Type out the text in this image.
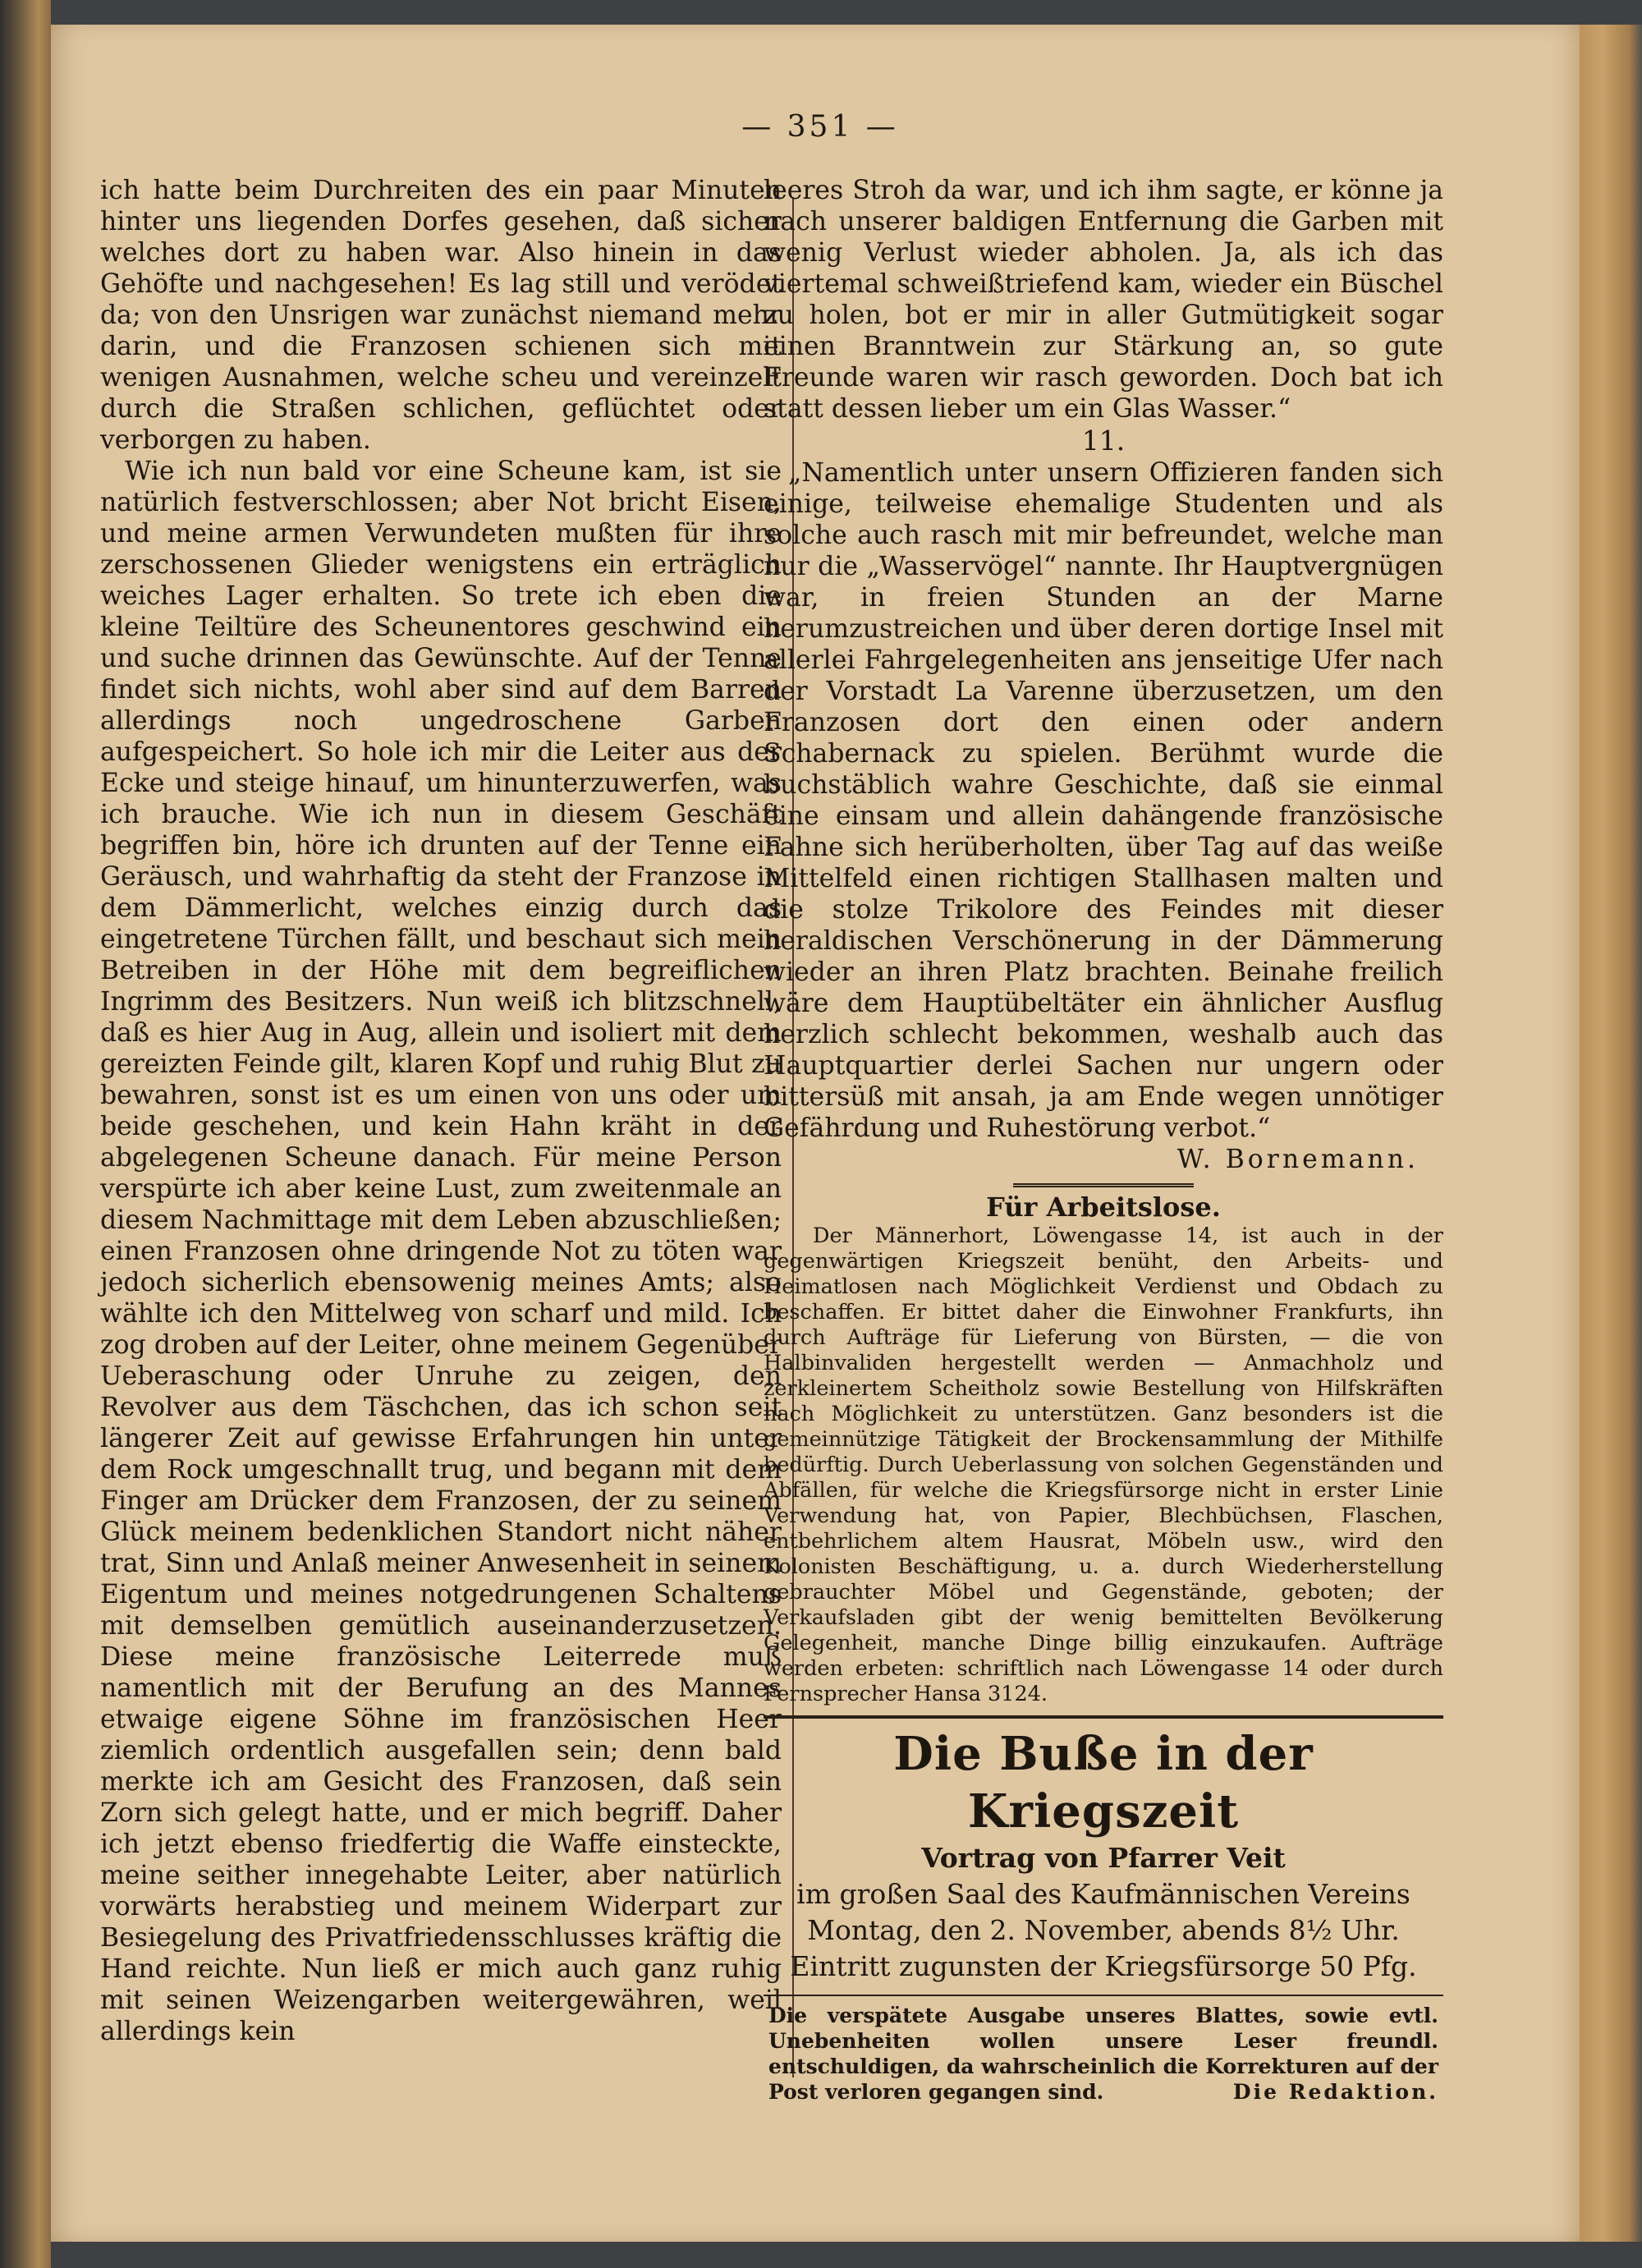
— 351 —

ich hatte beim Durchreiten des ein paar Minuten hinter uns liegenden Dorfes gesehen, daß sicher welches dort zu haben war. Also hinein in das Gehöfte und nachgesehen! Es lag still und verödet da; von den Unsrigen war zunächst niemand mehr darin, und die Franzosen schienen sich mit wenigen Ausnahmen, welche scheu und vereinzelt durch die Straßen schlichen, geflüchtet oder verborgen zu haben.

Wie ich nun bald vor eine Scheune kam, ist sie natürlich festverschlossen; aber Not bricht Eisen, und meine armen Verwundeten mußten für ihre zerschossenen Glieder wenigstens ein erträglich weiches Lager erhalten. So trete ich eben die kleine Teiltüre des Scheunentores geschwind ein und suche drinnen das Gewünschte. Auf der Tenne findet sich nichts, wohl aber sind auf dem Barren allerdings noch ungedroschene Garben aufgespeichert. So hole ich mir die Leiter aus der Ecke und steige hinauf, um hinunterzuwerfen, was ich brauche. Wie ich nun in diesem Geschäft begriffen bin, höre ich drunten auf der Tenne ein Geräusch, und wahrhaftig da steht der Franzose in dem Dämmerlicht, welches einzig durch das eingetretene Türchen fällt, und beschaut sich mein Betreiben in der Höhe mit dem begreiflichen Ingrimm des Besitzers. Nun weiß ich blitzschnell, daß es hier Aug in Aug, allein und isoliert mit dem gereizten Feinde gilt, klaren Kopf und ruhig Blut zu bewahren, sonst ist es um einen von uns oder um beide geschehen, und kein Hahn kräht in der abgelegenen Scheune danach. Für meine Person verspürte ich aber keine Lust, zum zweitenmale an diesem Nachmittage mit dem Leben abzuschließen; einen Franzosen ohne dringende Not zu töten war jedoch sicherlich ebensowenig meines Amts; also wählte ich den Mittelweg von scharf und mild. Ich zog droben auf der Leiter, ohne meinem Gegenüber Ueberaschung oder Unruhe zu zeigen, den Revolver aus dem Täschchen, das ich schon seit längerer Zeit auf gewisse Erfahrungen hin unter dem Rock umgeschnallt trug, und begann mit dem Finger am Drücker dem Franzosen, der zu seinem Glück meinem bedenklichen Standort nicht näher trat, Sinn und Anlaß meiner Anwesenheit in seinem Eigentum und meines notgedrungenen Schaltens mit demselben gemütlich auseinanderzusetzen. Diese meine französische Leiterrede muß namentlich mit der Berufung an des Mannes etwaige eigene Söhne im französischen Heer ziemlich ordentlich ausgefallen sein; denn bald merkte ich am Gesicht des Franzosen, daß sein Zorn sich gelegt hatte, und er mich begriff. Daher ich jetzt ebenso friedfertig die Waffe einsteckte, meine seither innegehabte Leiter, aber natürlich vorwärts herabstieg und meinem Widerpart zur Besiegelung des Privatfriedensschlusses kräftig die Hand reichte. Nun ließ er mich auch ganz ruhig mit seinen Weizengarben weitergewähren, weil allerdings kein

leeres Stroh da war, und ich ihm sagte, er könne ja nach unserer baldigen Entfernung die Garben mit wenig Verlust wieder abholen. Ja, als ich das viertemal schweißtriefend kam, wieder ein Büschel zu holen, bot er mir in aller Gutmütigkeit sogar einen Branntwein zur Stärkung an, so gute Freunde waren wir rasch geworden. Doch bat ich statt dessen lieber um ein Glas Wasser.“

11.

„Namentlich unter unsern Offizieren fanden sich einige, teilweise ehemalige Studenten und als solche auch rasch mit mir befreundet, welche man nur die „Wasservögel“ nannte. Ihr Hauptvergnügen war, in freien Stunden an der Marne herumzustreichen und über deren dortige Insel mit allerlei Fahrgelegenheiten ans jenseitige Ufer nach der Vorstadt La Varenne überzusetzen, um den Franzosen dort den einen oder andern Schabernack zu spielen. Berühmt wurde die buchstäblich wahre Geschichte, daß sie einmal eine einsam und allein dahängende französische Fahne sich herüberholten, über Tag auf das weiße Mittelfeld einen richtigen Stallhasen malten und die stolze Trikolore des Feindes mit dieser heraldischen Verschönerung in der Dämmerung wieder an ihren Platz brachten. Beinahe freilich wäre dem Hauptübeltäter ein ähnlicher Ausflug herzlich schlecht bekommen, weshalb auch das Hauptquartier derlei Sachen nur ungern oder bittersüß mit ansah, ja am Ende wegen unnötiger Gefährdung und Ruhestörung verbot.“

W. Bornemann.
Für Arbeitslose.

Der Männerhort, Löwengasse 14, ist auch in der gegenwärtigen Kriegszeit benüht, den Arbeits- und Heimatlosen nach Möglichkeit Verdienst und Obdach zu beschaffen. Er bittet daher die Einwohner Frankfurts, ihn durch Aufträge für Lieferung von Bürsten, — die von Halbinvaliden hergestellt werden — Anmachholz und zerkleinertem Scheitholz sowie Bestellung von Hilfskräften nach Möglichkeit zu unterstützen. Ganz besonders ist die gemeinnützige Tätigkeit der Brockensammlung der Mithilfe bedürftig. Durch Ueberlassung von solchen Gegenständen und Abfällen, für welche die Kriegsfürsorge nicht in erster Linie Verwendung hat, von Papier, Blechbüchsen, Flaschen, entbehrlichem altem Hausrat, Möbeln usw., wird den Kolonisten Beschäftigung, u. a. durch Wiederherstellung gebrauchter Möbel und Gegenstände, geboten; der Verkaufsladen gibt der wenig bemittelten Bevölkerung Gelegenheit, manche Dinge billig einzukaufen. Aufträge werden erbeten: schriftlich nach Löwengasse 14 oder durch Fernsprecher Hansa 3124.

Die Buße in der Kriegszeit
Vortrag von Pfarrer Veit
im großen Saal des Kaufmännischen Vereins
Montag, den 2. November, abends 8½ Uhr.
Eintritt zugunsten der Kriegsfürsorge 50 Pfg.
Die verspätete Ausgabe unseres Blattes, sowie evtl. Unebenheiten wollen unsere Leser freundl. entschuldigen, da wahrscheinlich die Korrekturen auf der Post verloren gegangen sind.	Die Redaktion.
